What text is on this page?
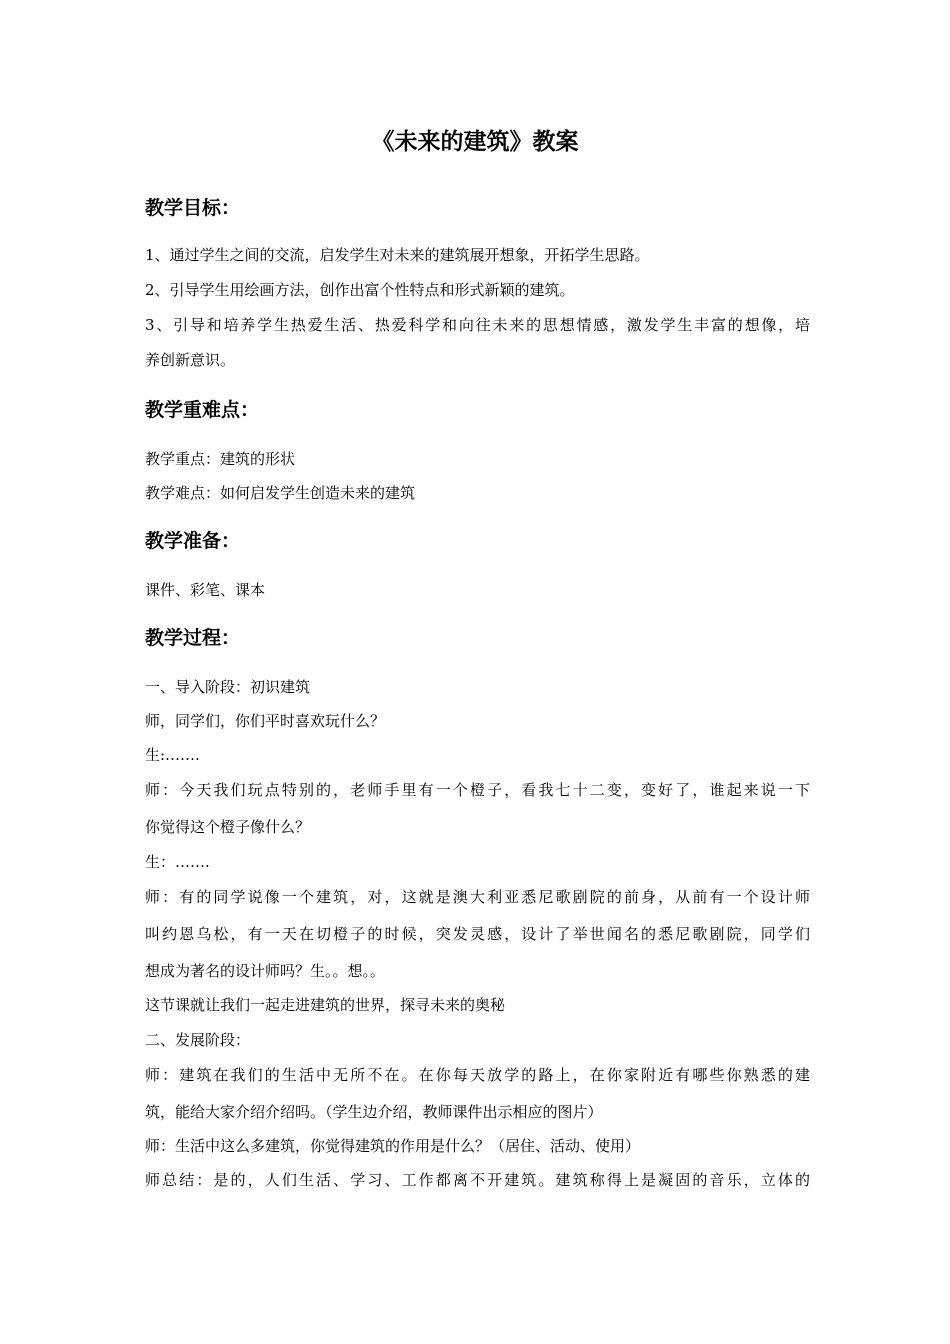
《未来的建筑》教案
教学目标：
1、通过学生之间的交流，启发学生对未来的建筑展开想象，开拓学生思路。
2、引导学生用绘画方法，创作出富个性特点和形式新颖的建筑。
3、引导和培养学生热爱生活、热爱科学和向往未来的思想情感，激发学生丰富的想像，培
养创新意识。
教学重难点：
教学重点：建筑的形状
教学难点：如何启发学生创造未来的建筑
教学准备：
课件、彩笔、课本
教学过程：
一、导入阶段：初识建筑
师，同学们，你们平时喜欢玩什么？
生:…….
师：今天我们玩点特别的，老师手里有一个橙子，看我七十二变，变好了，谁起来说一下
你觉得这个橙子像什么？
生：…….
师：有的同学说像一个建筑，对，这就是澳大利亚悉尼歌剧院的前身，从前有一个设计师
叫约恩乌松，有一天在切橙子的时候，突发灵感，设计了举世闻名的悉尼歌剧院，同学们
想成为著名的设计师吗？生。。想。。
这节课就让我们一起走进建筑的世界，探寻未来的奥秘
二、发展阶段：
师：建筑在我们的生活中无所不在。在你每天放学的路上，在你家附近有哪些你熟悉的建
筑，能给大家介绍介绍吗。（学生边介绍，教师课件出示相应的图片）
师：生活中这么多建筑，你觉得建筑的作用是什么？（居住、活动、使用）
师总结：是的，人们生活、学习、工作都离不开建筑。建筑称得上是凝固的音乐，立体的
